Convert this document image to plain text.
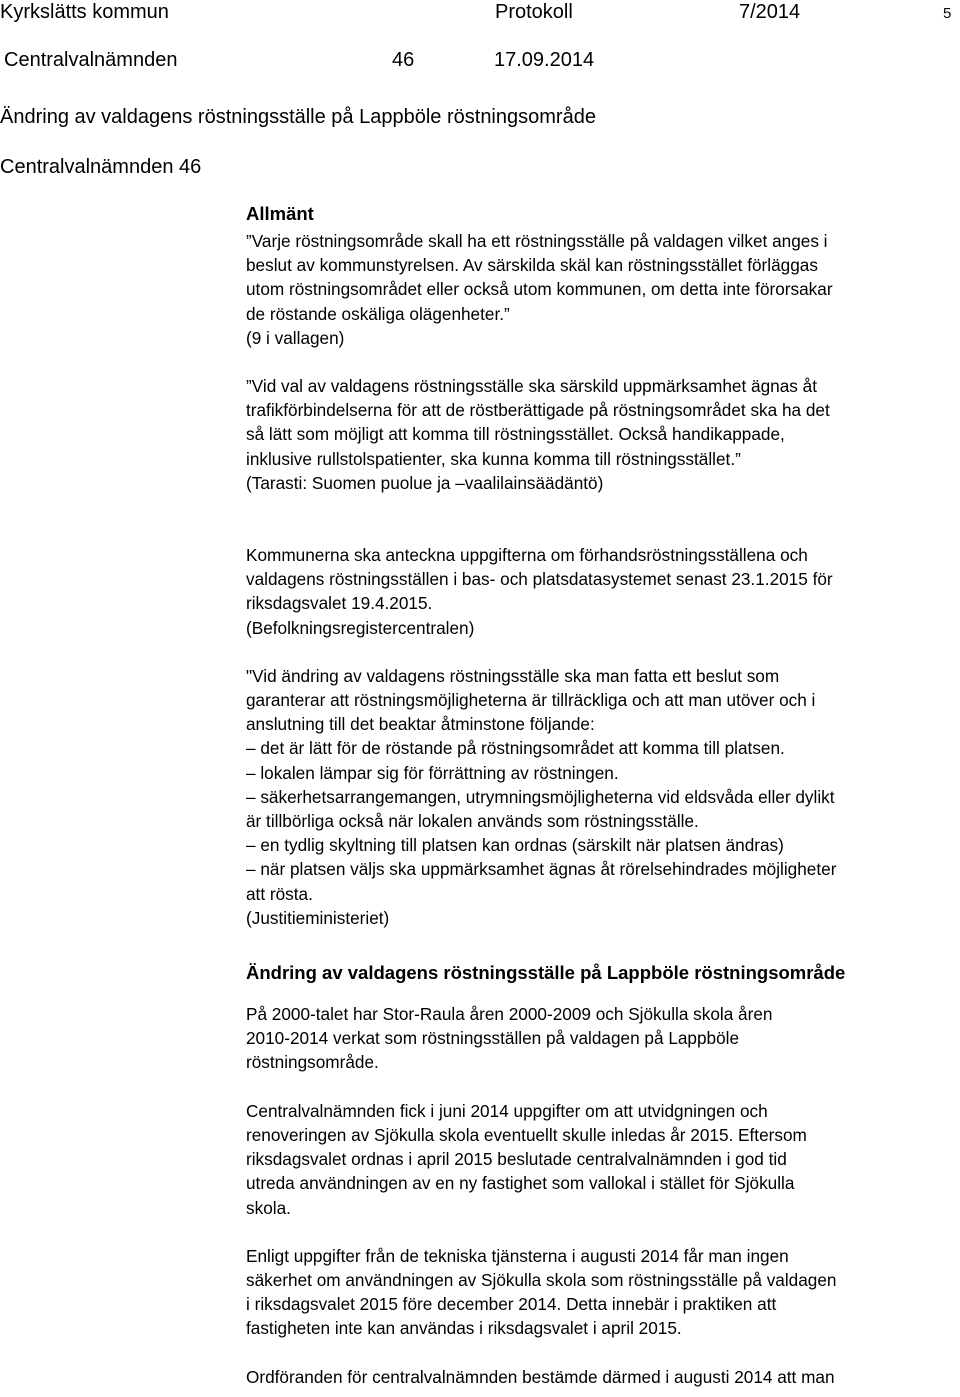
Kyrkslätts kommun	Protokoll	7/2014	5
Centralvalnämnden	46	17.09.2014
Ändring av valdagens röstningsställe på Lappböle röstningsområde
Centralvalnämnden 46

Allmänt

”Varje röstningsområde skall ha ett röstningsställe på valdagen vilket anges i

beslut av kommunstyrelsen. Av särskilda skäl kan röstningsstället förläggas

utom röstningsområdet eller också utom kommunen, om detta inte förorsakar

de röstande oskäliga olägenheter.”

(9 i vallagen)

”Vid val av valdagens röstningsställe ska särskild uppmärksamhet ägnas åt

trafikförbindelserna för att de röstberättigade på röstningsområdet ska ha det

så lätt som möjligt att komma till röstningsstället. Också handikappade,

inklusive rullstolspatienter, ska kunna komma till röstningsstället.”

(Tarasti: Suomen puolue ja –vaalilainsäädäntö)

Kommunerna ska anteckna uppgifterna om förhandsröstningsställena och

valdagens röstningsställen i bas- och platsdatasystemet senast 23.1.2015 för

riksdagsvalet 19.4.2015.

(Befolkningsregistercentralen)

"Vid ändring av valdagens röstningsställe ska man fatta ett beslut som

garanterar att röstningsmöjligheterna är tillräckliga och att man utöver och i

anslutning till det beaktar åtminstone följande:

– det är lätt för de röstande på röstningsområdet att komma till platsen.

– lokalen lämpar sig för förrättning av röstningen.

– säkerhetsarrangemangen, utrymningsmöjligheterna vid eldsvåda eller dylikt

är tillbörliga också när lokalen används som röstningsställe.

– en tydlig skyltning till platsen kan ordnas (särskilt när platsen ändras)

– när platsen väljs ska uppmärksamhet ägnas åt rörelsehindrades möjligheter

att rösta.

(Justitieministeriet)

Ändring av valdagens röstningsställe på Lappböle röstningsområde

På 2000-talet har Stor-Raula åren 2000-2009 och Sjökulla skola åren

2010-2014 verkat som röstningsställen på valdagen på Lappböle

röstningsområde.

Centralvalnämnden fick i juni 2014 uppgifter om att utvidgningen och

renoveringen av Sjökulla skola eventuellt skulle inledas år 2015. Eftersom

riksdagsvalet ordnas i april 2015 beslutade centralvalnämnden i god tid

utreda användningen av en ny fastighet som vallokal i stället för Sjökulla

skola.

Enligt uppgifter från de tekniska tjänsterna i augusti 2014 får man ingen

säkerhet om användningen av Sjökulla skola som röstningsställe på valdagen

i riksdagsvalet 2015 före december 2014. Detta innebär i praktiken att

fastigheten inte kan användas i riksdagsvalet i april 2015.

Ordföranden för centralvalnämnden bestämde därmed i augusti 2014 att man
